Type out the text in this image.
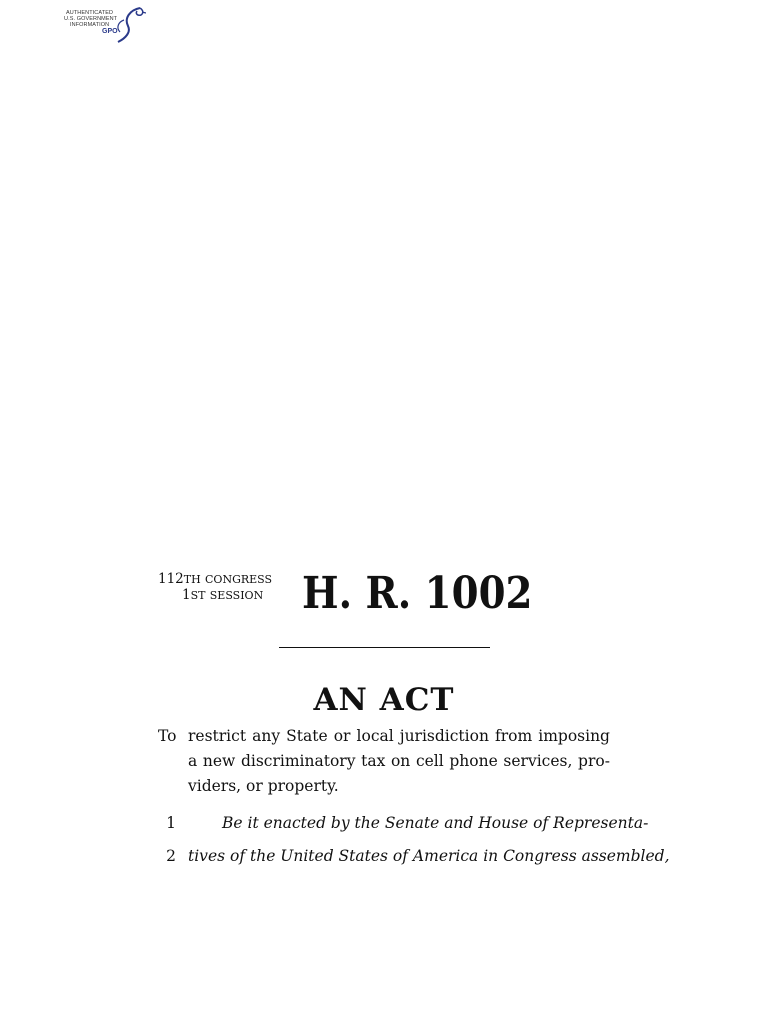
AUTHENTICATED
U.S. GOVERNMENT
INFORMATION
GPO
112TH CONGRESS
1ST SESSION H. R. 1002
AN ACT
To restrict any State or local jurisdiction from imposing
a new discriminatory tax on cell phone services, pro-
viders, or property.
1	Be it enacted by the Senate and House of Representa-
2 tives of the United States of America in Congress assembled,
